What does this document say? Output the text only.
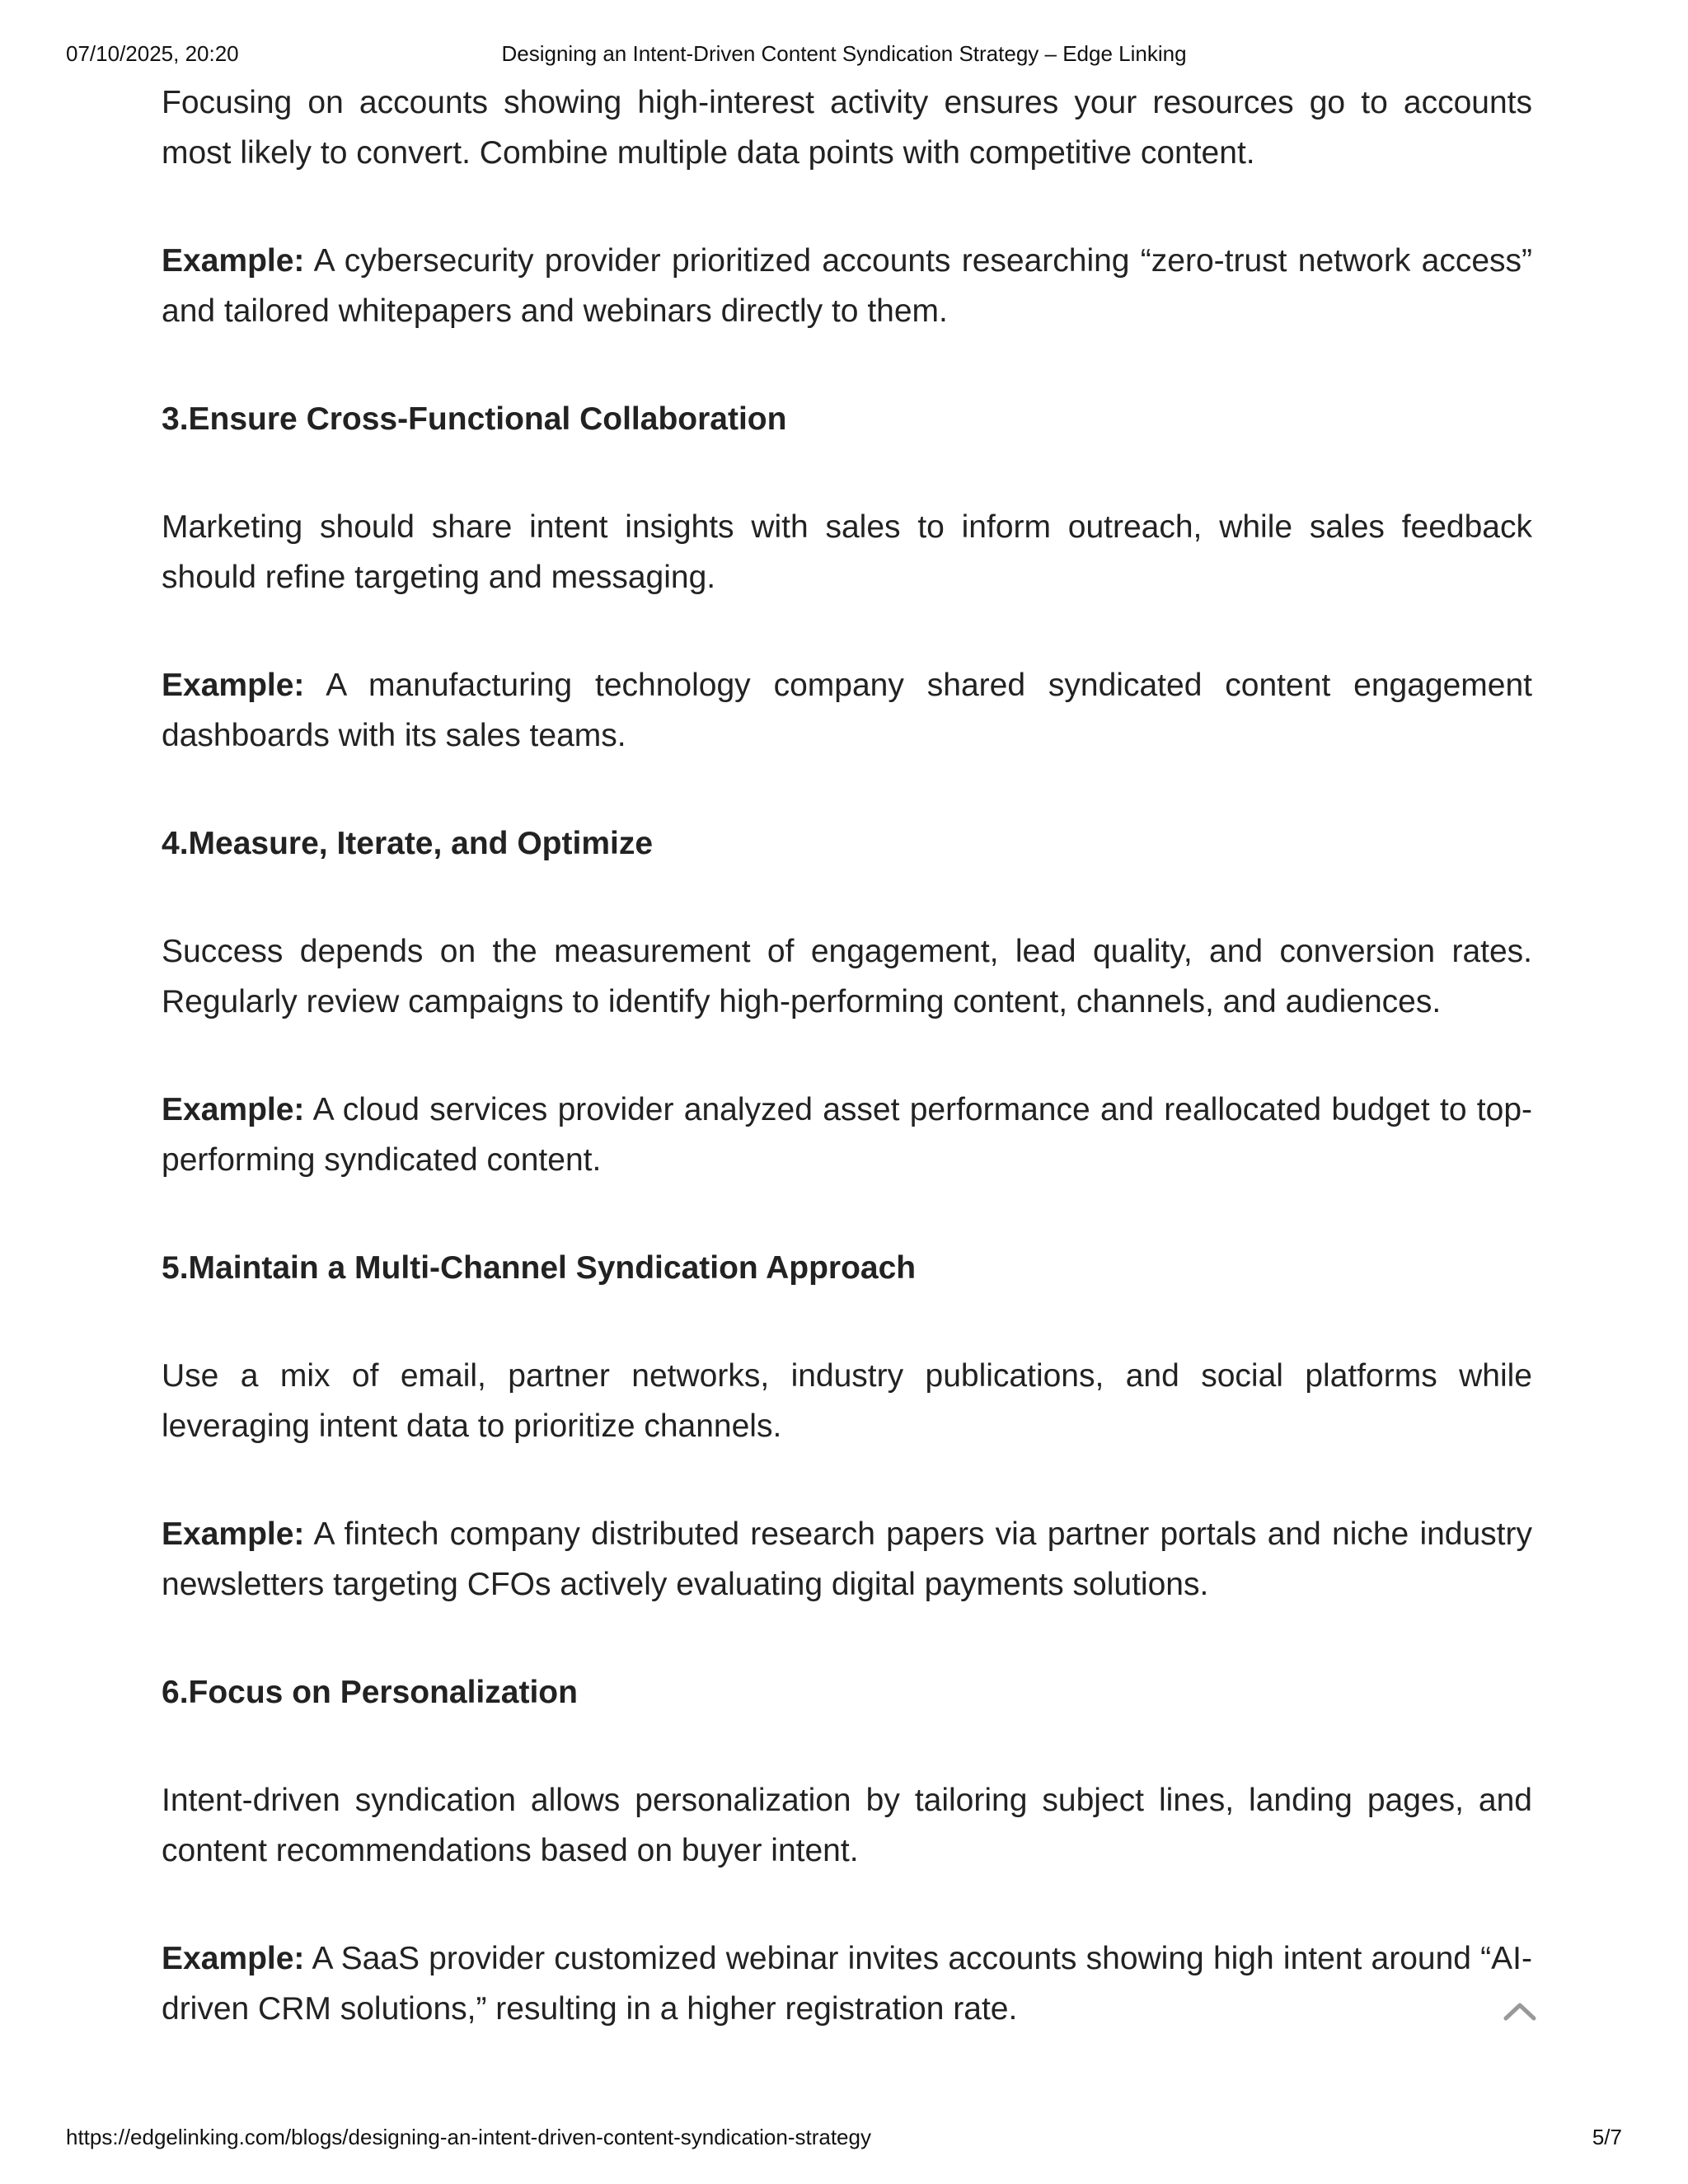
07/10/2025, 20:20	Designing an Intent-Driven Content Syndication Strategy – Edge Linking

Focusing on accounts showing high-interest activity ensures your resources go to accounts most likely to convert. Combine multiple data points with competitive content.

Example: A cybersecurity provider prioritized accounts researching “zero-trust network access” and tailored whitepapers and webinars directly to them.

3.Ensure Cross-Functional Collaboration

Marketing should share intent insights with sales to inform outreach, while sales feedback should refine targeting and messaging.

Example: A manufacturing technology company shared syndicated content engagement dashboards with its sales teams.

4.Measure, Iterate, and Optimize

Success depends on the measurement of engagement, lead quality, and conversion rates. Regularly review campaigns to identify high-performing content, channels, and audiences.

Example: A cloud services provider analyzed asset performance and reallocated budget to top-performing syndicated content.

5.Maintain a Multi-Channel Syndication Approach

Use a mix of email, partner networks, industry publications, and social platforms while leveraging intent data to prioritize channels.

Example: A fintech company distributed research papers via partner portals and niche industry newsletters targeting CFOs actively evaluating digital payments solutions.

6.Focus on Personalization

Intent-driven syndication allows personalization by tailoring subject lines, landing pages, and content recommendations based on buyer intent.

Example: A SaaS provider customized webinar invites accounts showing high intent around “AI-driven CRM solutions,” resulting in a higher registration rate.

https://edgelinking.com/blogs/designing-an-intent-driven-content-syndication-strategy	5/7
